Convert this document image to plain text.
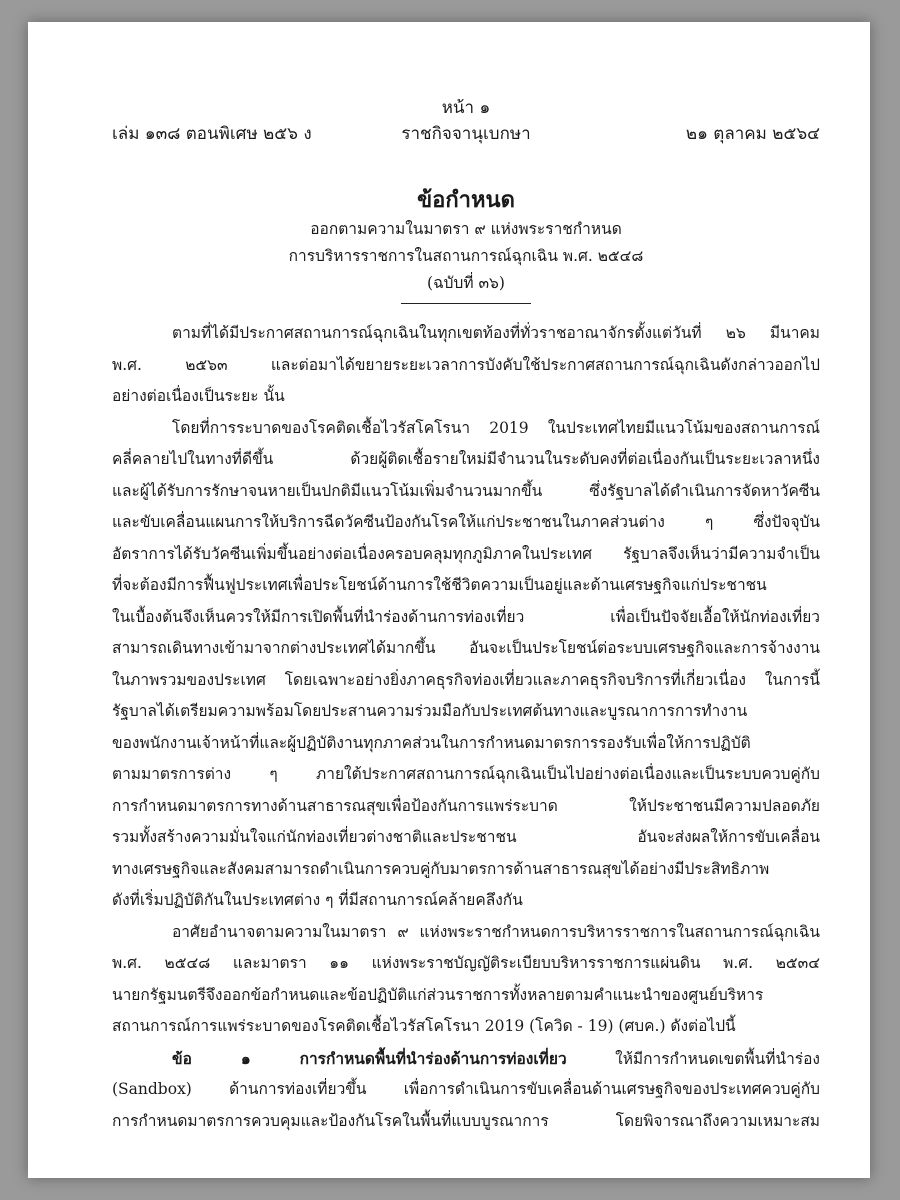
หน้า ๑
เล่ม ๑๓๘ ตอนพิเศษ ๒๕๖ ง	ราชกิจจานุเบกษา	๒๑ ตุลาคม ๒๕๖๔
ข้อกำหนด
ออกตามความในมาตรา ๙ แห่งพระราชกำหนด
การบริหารราชการในสถานการณ์ฉุกเฉิน พ.ศ. ๒๕๔๘
(ฉบับที่ ๓๖)
ตามที่ได้มีประกาศสถานการณ์ฉุกเฉินในทุกเขตท้องที่ทั่วราชอาณาจักรตั้งแต่วันที่ ๒๖ มีนาคม
พ.ศ. ๒๕๖๓ และต่อมาได้ขยายระยะเวลาการบังคับใช้ประกาศสถานการณ์ฉุกเฉินดังกล่าวออกไป
อย่างต่อเนื่องเป็นระยะ นั้น
โดยที่การระบาดของโรคติดเชื้อไวรัสโคโรนา 2019 ในประเทศไทยมีแนวโน้มของสถานการณ์
คลี่คลายไปในทางที่ดีขึ้น ด้วยผู้ติดเชื้อรายใหม่มีจำนวนในระดับคงที่ต่อเนื่องกันเป็นระยะเวลาหนึ่ง
และผู้ได้รับการรักษาจนหายเป็นปกติมีแนวโน้มเพิ่มจำนวนมากขึ้น ซึ่งรัฐบาลได้ดำเนินการจัดหาวัคซีน
และขับเคลื่อนแผนการให้บริการฉีดวัคซีนป้องกันโรคให้แก่ประชาชนในภาคส่วนต่าง ๆ ซึ่งปัจจุบัน
อัตราการได้รับวัคซีนเพิ่มขึ้นอย่างต่อเนื่องครอบคลุมทุกภูมิภาคในประเทศ รัฐบาลจึงเห็นว่ามีความจำเป็น
ที่จะต้องมีการฟื้นฟูประเทศเพื่อประโยชน์ด้านการใช้ชีวิตความเป็นอยู่และด้านเศรษฐกิจแก่ประชาชน
ในเบื้องต้นจึงเห็นควรให้มีการเปิดพื้นที่นำร่องด้านการท่องเที่ยว เพื่อเป็นปัจจัยเอื้อให้นักท่องเที่ยว
สามารถเดินทางเข้ามาจากต่างประเทศได้มากขึ้น อันจะเป็นประโยชน์ต่อระบบเศรษฐกิจและการจ้างงาน
ในภาพรวมของประเทศ โดยเฉพาะอย่างยิ่งภาคธุรกิจท่องเที่ยวและภาคธุรกิจบริการที่เกี่ยวเนื่อง ในการนี้
รัฐบาลได้เตรียมความพร้อมโดยประสานความร่วมมือกับประเทศต้นทางและบูรณาการการทำงาน
ของพนักงานเจ้าหน้าที่และผู้ปฏิบัติงานทุกภาคส่วนในการกำหนดมาตรการรองรับเพื่อให้การปฏิบัติ
ตามมาตรการต่าง ๆ ภายใต้ประกาศสถานการณ์ฉุกเฉินเป็นไปอย่างต่อเนื่องและเป็นระบบควบคู่กับ
การกำหนดมาตรการทางด้านสาธารณสุขเพื่อป้องกันการแพร่ระบาด ให้ประชาชนมีความปลอดภัย
รวมทั้งสร้างความมั่นใจแก่นักท่องเที่ยวต่างชาติและประชาชน อันจะส่งผลให้การขับเคลื่อน
ทางเศรษฐกิจและสังคมสามารถดำเนินการควบคู่กับมาตรการด้านสาธารณสุขได้อย่างมีประสิทธิภาพ
ดังที่เริ่มปฏิบัติกันในประเทศต่าง ๆ ที่มีสถานการณ์คล้ายคลึงกัน
อาศัยอำนาจตามความในมาตรา ๙ แห่งพระราชกำหนดการบริหารราชการในสถานการณ์ฉุกเฉิน
พ.ศ. ๒๕๔๘ และมาตรา ๑๑ แห่งพระราชบัญญัติระเบียบบริหารราชการแผ่นดิน พ.ศ. ๒๕๓๔
นายกรัฐมนตรีจึงออกข้อกำหนดและข้อปฏิบัติแก่ส่วนราชการทั้งหลายตามคำแนะนำของศูนย์บริหาร
สถานการณ์การแพร่ระบาดของโรคติดเชื้อไวรัสโคโรนา 2019 (โควิด - 19) (ศบค.) ดังต่อไปนี้
ข้อ ๑ การกำหนดพื้นที่นำร่องด้านการท่องเที่ยว ให้มีการกำหนดเขตพื้นที่นำร่อง
(Sandbox) ด้านการท่องเที่ยวขึ้น เพื่อการดำเนินการขับเคลื่อนด้านเศรษฐกิจของประเทศควบคู่กับ
การกำหนดมาตรการควบคุมและป้องกันโรคในพื้นที่แบบบูรณาการ โดยพิจารณาถึงความเหมาะสม
